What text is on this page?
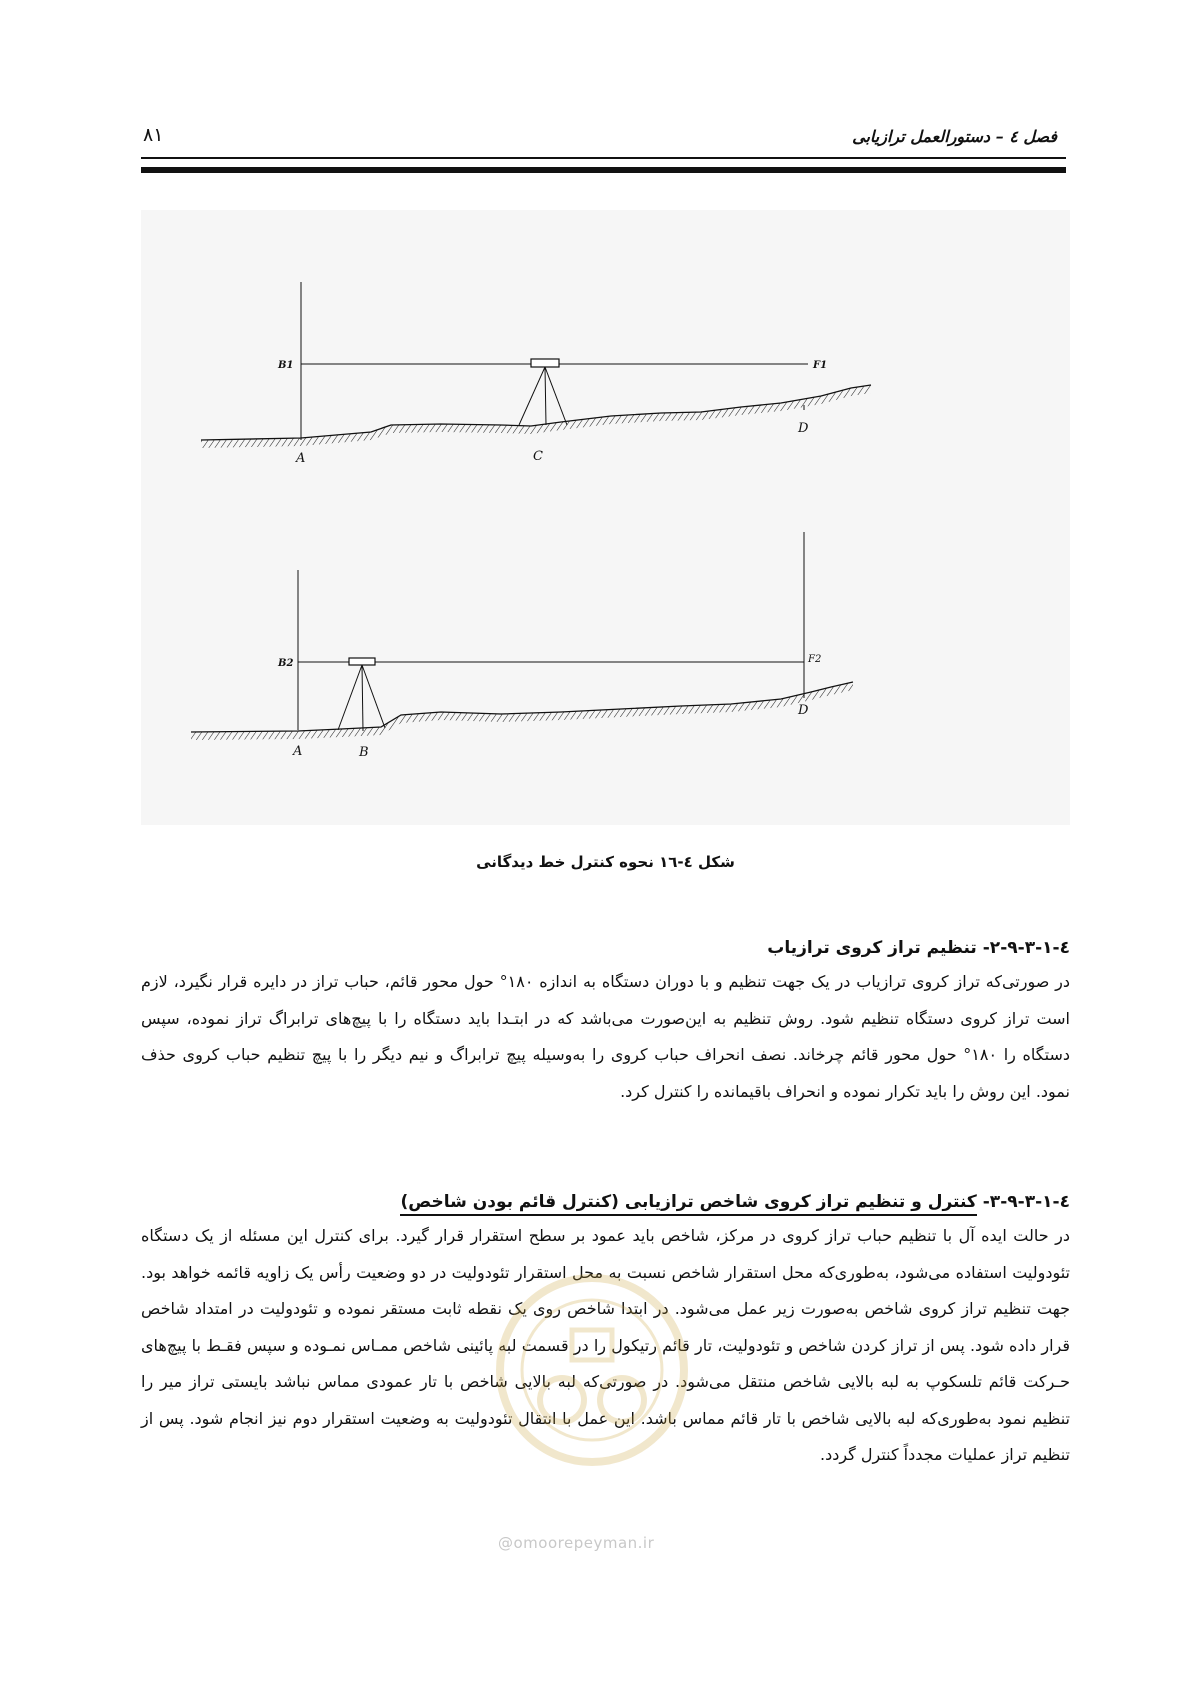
فصل ٤ – دستورالعمل ترازیابی
٨١
B1	F1
A	C
D
B2	F2
A	B
D
شکل ٤-١٦ نحوه کنترل خط دیدگانی
٤-١-٣-٩-٢- تنظیم تراز کروی ترازیاب

در صورتی‌که تراز کروی ترازیاب در یک جهت تنظیم و با دوران دستگاه به اندازه ١٨٠° حول محور قائم، حباب تراز در دایره قرار نگیرد، لازم است تراز کروی دستگاه تنظیم شود. روش تنظیم به این‌صورت می‌باشد که در ابتـدا باید دستگاه را با پیچ‌های ترابراگ تراز نموده، سپس دستگاه را ١٨٠° حول محور قائم چرخاند. نصف انحراف حباب کروی را به‌وسیله پیچ ترابراگ و نیم دیگر را با پیچ تنظیم حباب کروی حذف نمود. این روش را باید تکرار نموده و انحراف باقیمانده را کنترل کرد.

٤-١-٣-٩-٣- کنترل و تنظیم تراز کروی شاخص ترازیابی (کنترل قائم بودن شاخص)

در حالت ایده آل با تنظیم حباب تراز کروی در مرکز، شاخص باید عمود بر سطح استقرار قرار گیرد. برای کنترل این مسئله از یک دستگاه تئودولیت استفاده می‌شود، به‌طوری‌که محل استقرار شاخص نسبت به محل استقرار تئودولیت در دو وضعیت رأس یک زاویه قائمه خواهد بود. جهت تنظیم تراز کروی شاخص به‌صورت زیر عمل می‌شود. در ابتدا شاخص روی یک نقطه ثابت مستقر نموده و تئودولیت در امتداد شاخص قرار داده شود. پس از تراز کردن شاخص و تئودولیت، تار قائم رتیکول را در قسمت لبه پائینی شاخص ممـاس نمـوده و سپس فقـط با پیچ‌های حـرکت قائم تلسکوپ به لبه بالایی شاخص منتقل می‌شود. در صورتی‌که لبه بالایی شاخص با تار عمودی مماس نباشد بایستی تراز میر را تنظیم نمود به‌طوری‌که لبه بالایی شاخص با تار قائم مماس باشد. این عمل با انتقال تئودولیت به وضعیت استقرار دوم نیز انجام شود. پس از تنظیم تراز عملیات مجدداً کنترل گردد.

@omoorepeyman.ir
